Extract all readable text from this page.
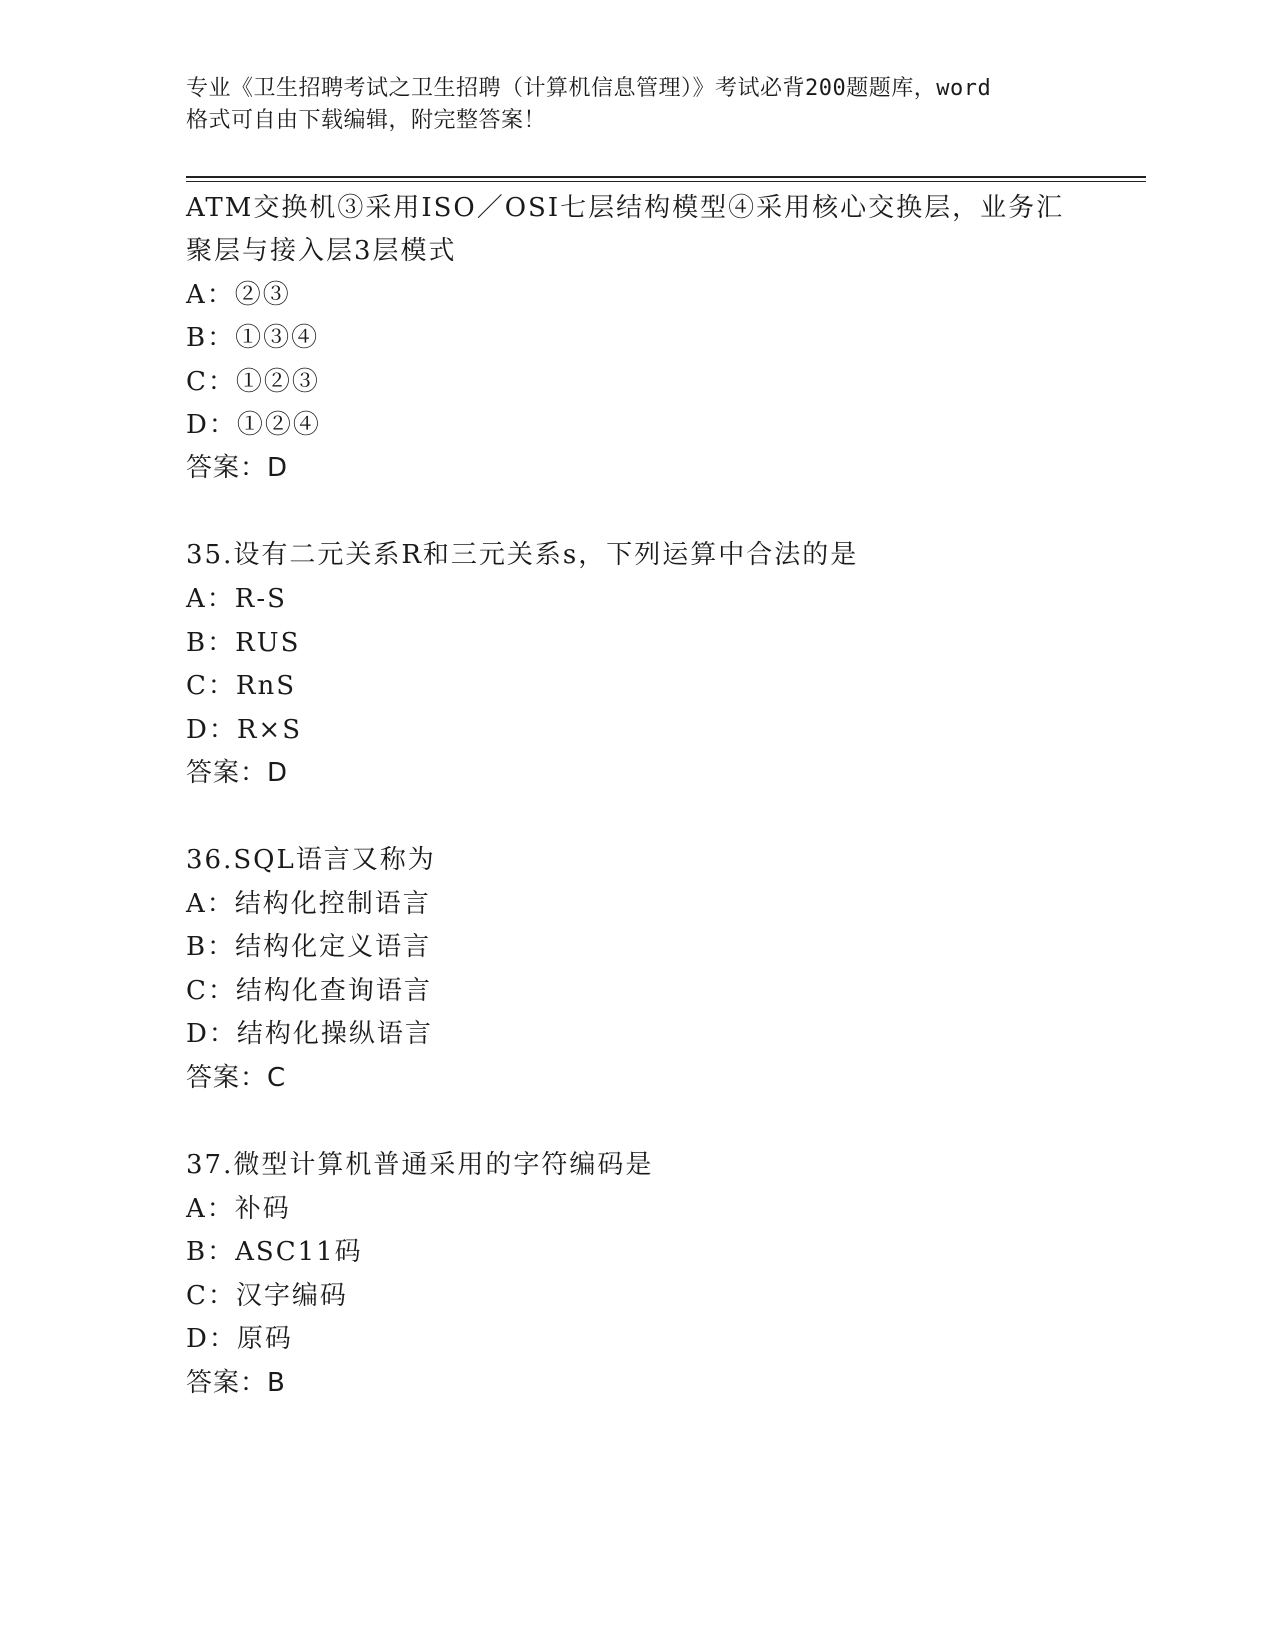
专业《卫生招聘考试之卫生招聘（计算机信息管理）》考试必背200题题库，word
格式可自由下载编辑，附完整答案！
ATM交换机③采用ISO／OSI七层结构模型④采用核心交换层，业务汇
聚层与接入层3层模式
A：②③
B：①③④
C：①②③
D：①②④
答案：D
35.设有二元关系R和三元关系s，下列运算中合法的是
A：R-S
B：RUS
C：RnS
D：R×S
答案：D
36.SQL语言又称为
A：结构化控制语言
B：结构化定义语言
C：结构化查询语言
D：结构化操纵语言
答案：C
37.微型计算机普通采用的字符编码是
A：补码
B：ASC11码
C：汉字编码
D：原码
答案：B
